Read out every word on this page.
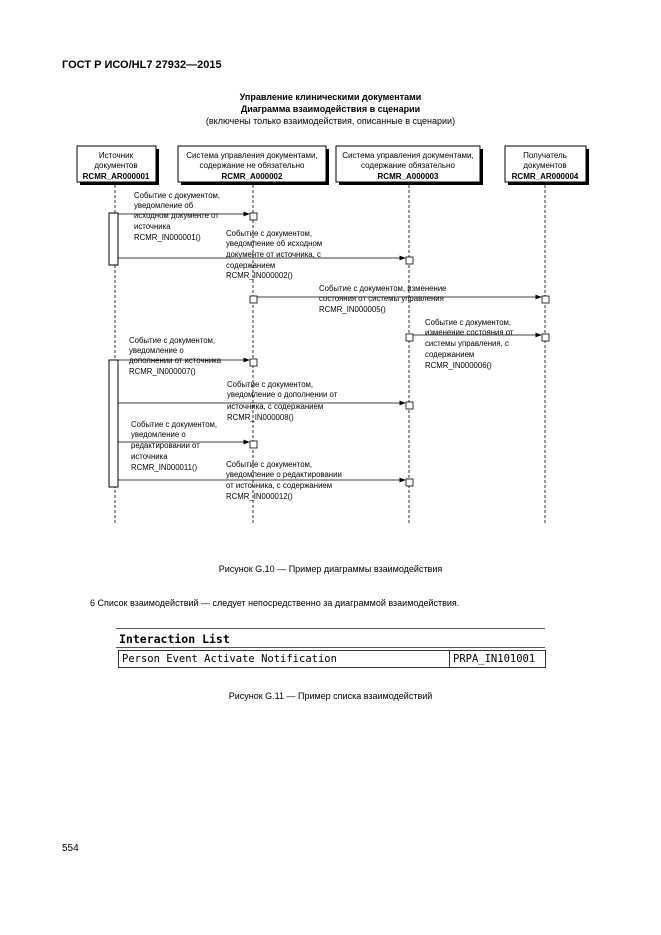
ГОСТ Р ИСО/HL7 27932—2015
Управление клиническими документами
Диаграмма взаимодействия в сценарии
(включены только взаимодействия, описанные в сценарии)
Источник
документов
RCMR_AR000001
Система управления документами,
содержание не обязательно
RCMR_A000002
Система управления документами,
содержание обязательно
RCMR_A000003
Получатель
документов
RCMR_AR000004
Событие с документом, уведомление об исходном документе от источника RCMR_IN000001()	Событие с документом, уведомление об исходном документе от источника, с содержанием RCMR_IN000002()
Событие с документом, изменение состояния от системы управления RCMR_IN000005()
Событие с документом, изменение состояния от системы управления, с содержанием RCMR_IN000006()
Событие с документом, уведомление о дополнении от источника RCMR_IN000007()
Событие с документом, уведомление о дополнении от источника, с содержанием RCMR_IN000008()
Событие с документом, уведомление о редактировании от источника RCMR_IN000011()	Событие с документом, уведомление о редактировании от источника, с содержанием RCMR_IN000012()
Рисунок G.10 — Пример диаграммы взаимодействия
6 Список взаимодействий — следует непосредственно за диаграммой взаимодействия.
Interaction List
Person Event Activate Notification	PRPA_IN101001
Рисунок G.11 — Пример списка взаимодействий
554
